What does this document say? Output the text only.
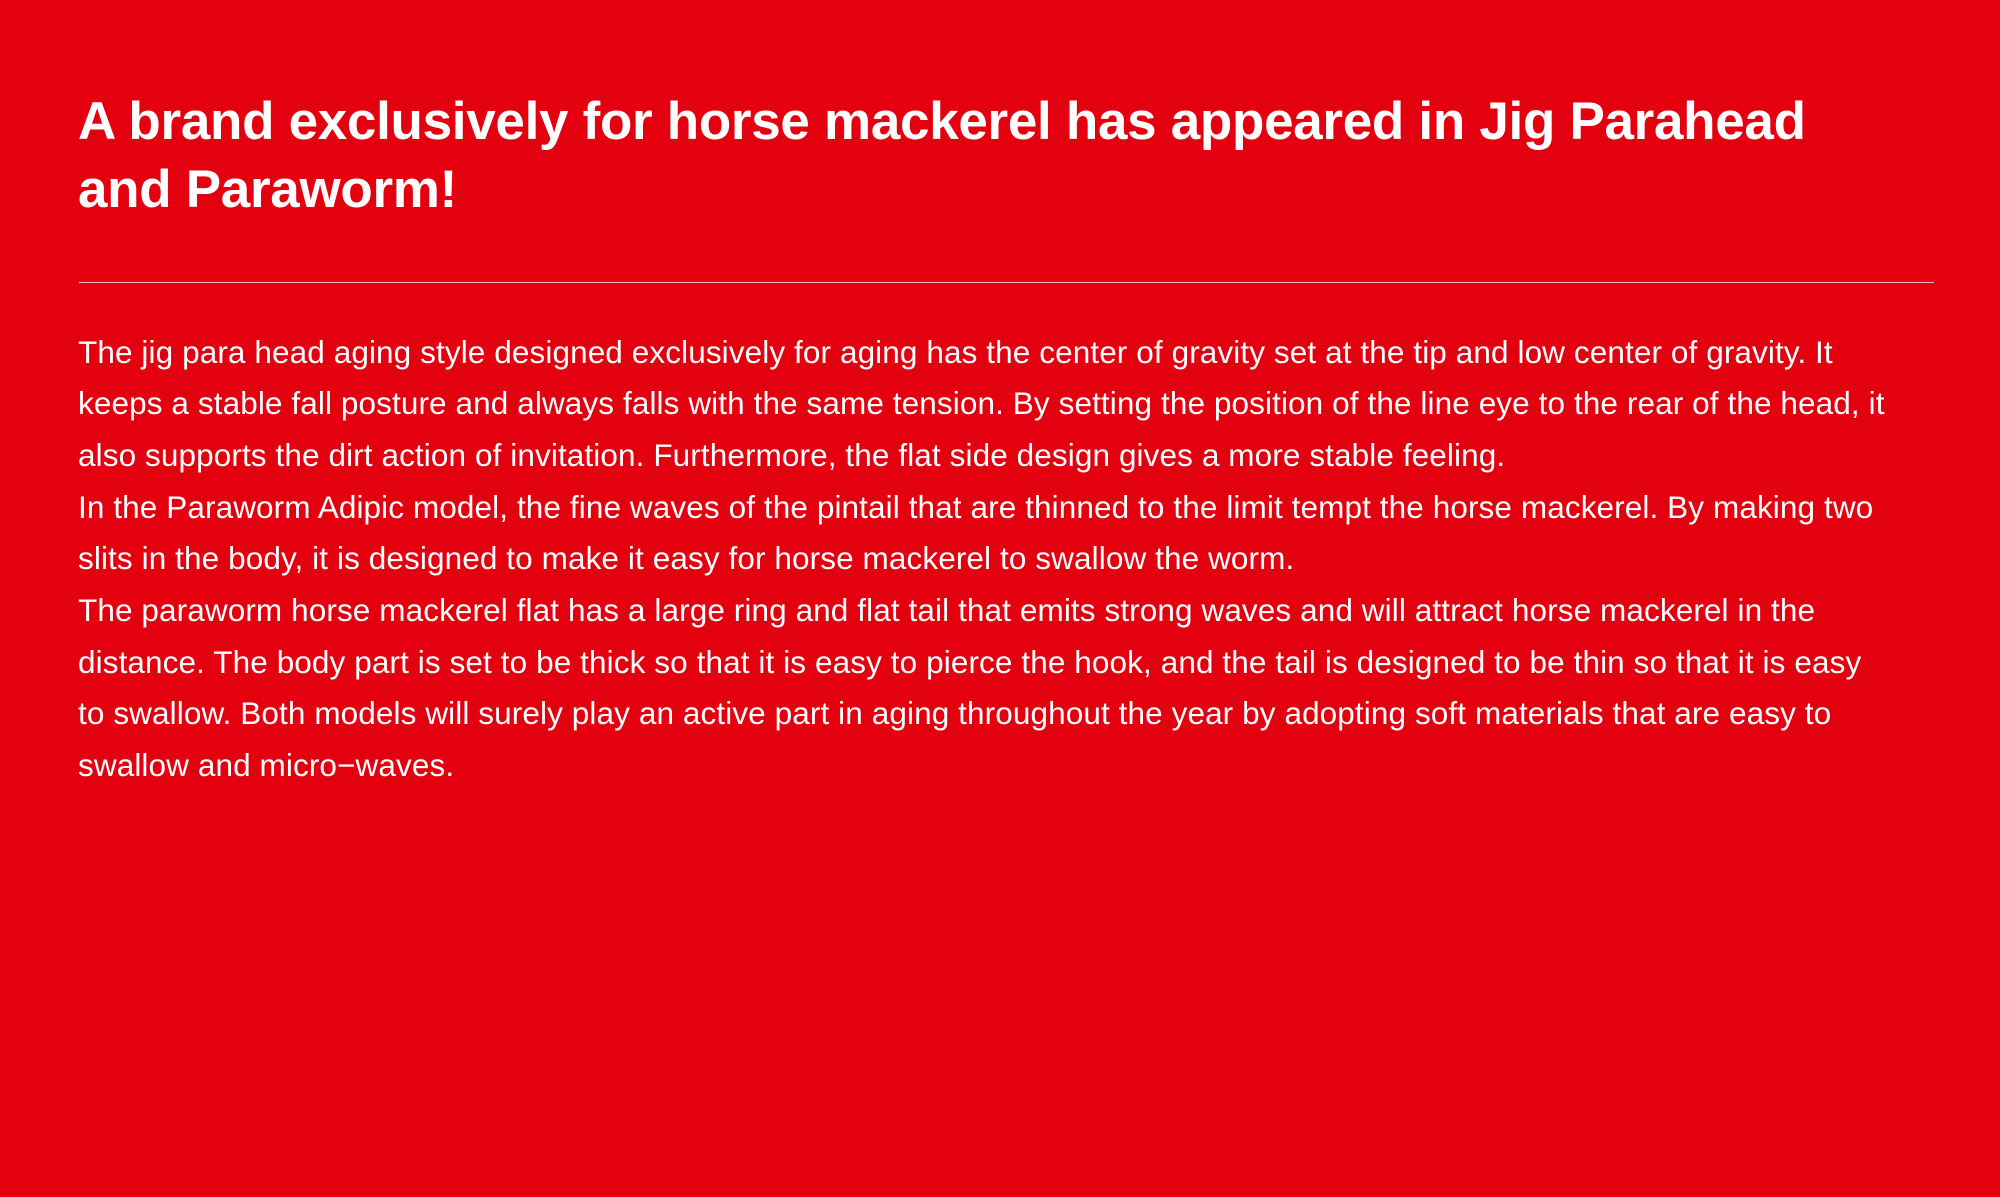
A brand exclusively for horse mackerel has appeared in Jig Parahead and Paraworm!

The jig para head aging style designed exclusively for aging has the center of gravity set at the tip and low center of gravity. It keeps a stable fall posture and always falls with the same tension. By setting the position of the line eye to the rear of the head, it also supports the dirt action of invitation. Furthermore, the flat side design gives a more stable feeling.

In the Paraworm Adipic model, the fine waves of the pintail that are thinned to the limit tempt the horse mackerel. By making two slits in the body, it is designed to make it easy for horse mackerel to swallow the worm.

The paraworm horse mackerel flat has a large ring and flat tail that emits strong waves and will attract horse mackerel in the distance. The body part is set to be thick so that it is easy to pierce the hook, and the tail is designed to be thin so that it is easy to swallow. Both models will surely play an active part in aging throughout the year by adopting soft materials that are easy to swallow and micro−waves.
